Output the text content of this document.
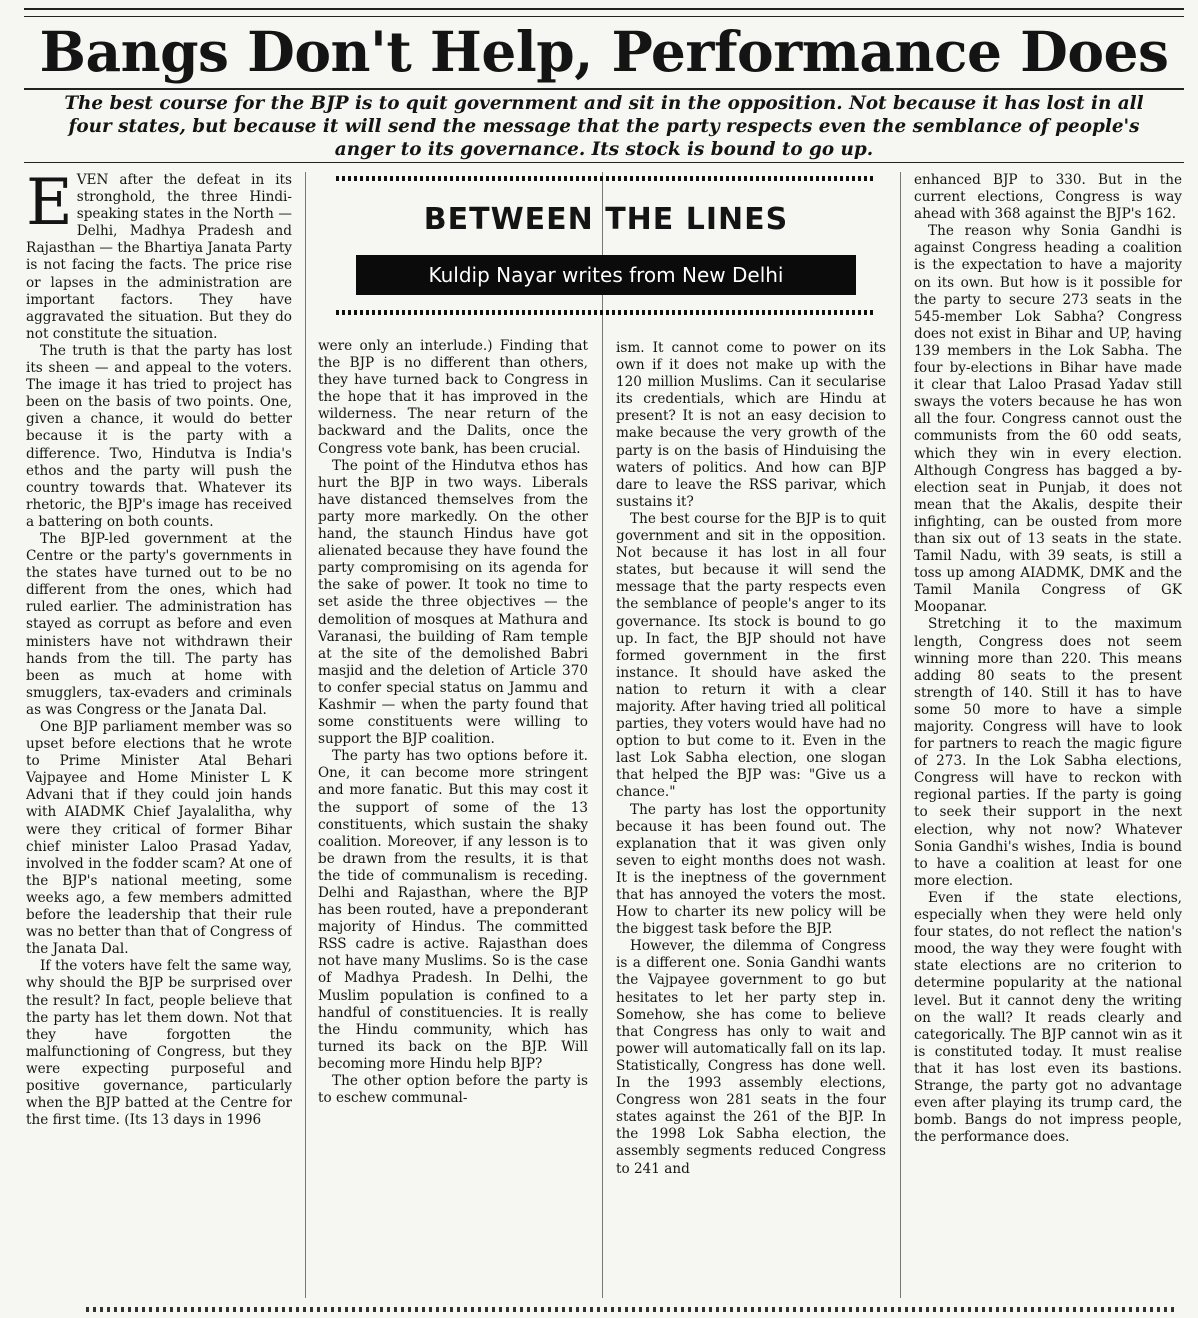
Bangs Don't Help, Performance Does
The best course for the BJP is to quit government and sit in the opposition. Not because it has lost in all four states, but because it will send the message that the party respects even the semblance of people's anger to its governance. Its stock is bound to go up.
BETWEEN THE LINES
Kuldip Nayar writes from New Delhi

EVEN after the defeat in its stronghold, the three Hindi-speaking states in the North — Delhi, Madhya Pradesh and Rajasthan — the Bhartiya Janata Party is not facing the facts. The price rise or lapses in the administration are important factors. They have aggravated the situation. But they do not constitute the situation.

The truth is that the party has lost its sheen — and appeal to the voters. The image it has tried to project has been on the basis of two points. One, given a chance, it would do better because it is the party with a difference. Two, Hindutva is India's ethos and the party will push the country towards that. Whatever its rhetoric, the BJP's image has received a battering on both counts.

The BJP-led government at the Centre or the party's governments in the states have turned out to be no different from the ones, which had ruled earlier. The administration has stayed as corrupt as before and even ministers have not withdrawn their hands from the till. The party has been as much at home with smugglers, tax-evaders and criminals as was Congress or the Janata Dal.

One BJP parliament member was so upset before elections that he wrote to Prime Minister Atal Behari Vajpayee and Home Minister L K Advani that if they could join hands with AIADMK Chief Jayalalitha, why were they critical of former Bihar chief minister Laloo Prasad Yadav, involved in the fodder scam? At one of the BJP's national meeting, some weeks ago, a few members admitted before the leadership that their rule was no better than that of Congress of the Janata Dal.

If the voters have felt the same way, why should the BJP be surprised over the result? In fact, people believe that the party has let them down. Not that they have forgotten the malfunctioning of Congress, but they were expecting purposeful and positive governance, particularly when the BJP batted at the Centre for the first time. (Its 13 days in 1996

were only an interlude.) Finding that the BJP is no different than others, they have turned back to Congress in the hope that it has improved in the wilderness. The near return of the backward and the Dalits, once the Congress vote bank, has been crucial.

The point of the Hindutva ethos has hurt the BJP in two ways. Liberals have distanced themselves from the party more markedly. On the other hand, the staunch Hindus have got alienated because they have found the party compromising on its agenda for the sake of power. It took no time to set aside the three objectives — the demolition of mosques at Mathura and Varanasi, the building of Ram temple at the site of the demolished Babri masjid and the deletion of Article 370 to confer special status on Jammu and Kashmir — when the party found that some constituents were willing to support the BJP coalition.

The party has two options before it. One, it can become more stringent and more fanatic. But this may cost it the support of some of the 13 constituents, which sustain the shaky coalition. Moreover, if any lesson is to be drawn from the results, it is that the tide of communalism is receding. Delhi and Rajasthan, where the BJP has been routed, have a preponderant majority of Hindus. The committed RSS cadre is active. Rajasthan does not have many Muslims. So is the case of Madhya Pradesh. In Delhi, the Muslim population is confined to a handful of constituencies. It is really the Hindu community, which has turned its back on the BJP. Will becoming more Hindu help BJP?

The other option before the party is to eschew communal-

ism. It cannot come to power on its own if it does not make up with the 120 million Muslims. Can it secularise its credentials, which are Hindu at present? It is not an easy decision to make because the very growth of the party is on the basis of Hinduising the waters of politics. And how can BJP dare to leave the RSS parivar, which sustains it?

The best course for the BJP is to quit government and sit in the opposition. Not because it has lost in all four states, but because it will send the message that the party respects even the semblance of people's anger to its governance. Its stock is bound to go up. In fact, the BJP should not have formed government in the first instance. It should have asked the nation to return it with a clear majority. After having tried all political parties, they voters would have had no option to but come to it. Even in the last Lok Sabha election, one slogan that helped the BJP was: "Give us a chance."

The party has lost the opportunity because it has been found out. The explanation that it was given only seven to eight months does not wash. It is the ineptness of the government that has annoyed the voters the most. How to charter its new policy will be the biggest task before the BJP.

However, the dilemma of Congress is a different one. Sonia Gandhi wants the Vajpayee government to go but hesitates to let her party step in. Somehow, she has come to believe that Congress has only to wait and power will automatically fall on its lap. Statistically, Congress has done well. In the 1993 assembly elections, Congress won 281 seats in the four states against the 261 of the BJP. In the 1998 Lok Sabha election, the assembly segments reduced Congress to 241 and

enhanced BJP to 330. But in the current elections, Congress is way ahead with 368 against the BJP's 162.

The reason why Sonia Gandhi is against Congress heading a coalition is the expectation to have a majority on its own. But how is it possible for the party to secure 273 seats in the 545-member Lok Sabha? Congress does not exist in Bihar and UP, having 139 members in the Lok Sabha. The four by-elections in Bihar have made it clear that Laloo Prasad Yadav still sways the voters because he has won all the four. Congress cannot oust the communists from the 60 odd seats, which they win in every election. Although Congress has bagged a by-election seat in Punjab, it does not mean that the Akalis, despite their infighting, can be ousted from more than six out of 13 seats in the state. Tamil Nadu, with 39 seats, is still a toss up among AIADMK, DMK and the Tamil Manila Congress of GK Moopanar.

Stretching it to the maximum length, Congress does not seem winning more than 220. This means adding 80 seats to the present strength of 140. Still it has to have some 50 more to have a simple majority. Congress will have to look for partners to reach the magic figure of 273. In the Lok Sabha elections, Congress will have to reckon with regional parties. If the party is going to seek their support in the next election, why not now? Whatever Sonia Gandhi's wishes, India is bound to have a coalition at least for one more election.

Even if the state elections, especially when they were held only four states, do not reflect the nation's mood, the way they were fought with state elections are no criterion to determine popularity at the national level. But it cannot deny the writing on the wall? It reads clearly and categorically. The BJP cannot win as it is constituted today. It must realise that it has lost even its bastions. Strange, the party got no advantage even after playing its trump card, the bomb. Bangs do not impress people, the performance does.
